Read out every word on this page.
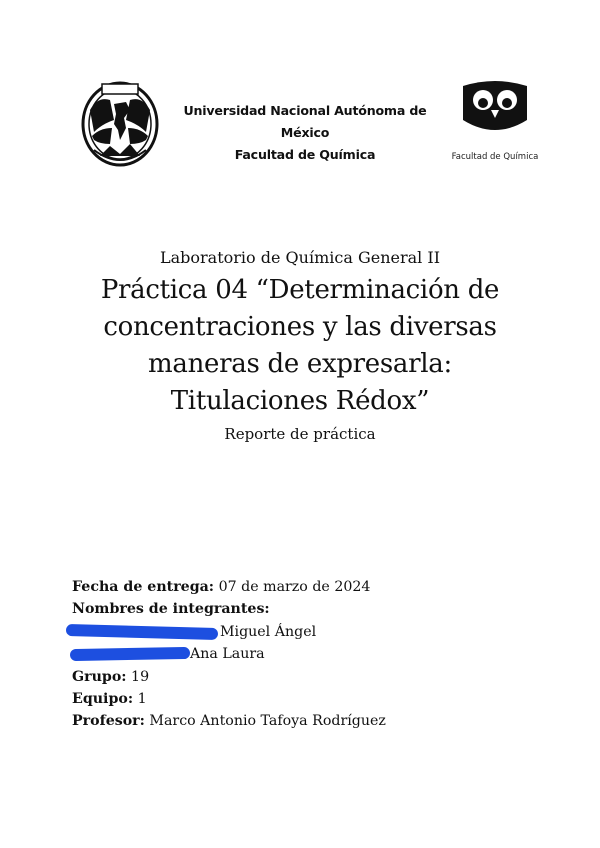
Universidad Nacional Autónoma de México
Facultad de Química	Facultad de Química
Laboratorio de Química General II
Práctica 04 “Determinación de
concentraciones y las diversas
maneras de expresarla:
Titulaciones Rédox”
Reporte de práctica
Fecha de entrega: 07 de marzo de 2024
Nombres de integrantes:
Miguel Ángel
Ana Laura
Grupo: 19
Equipo: 1
Profesor: Marco Antonio Tafoya Rodríguez
